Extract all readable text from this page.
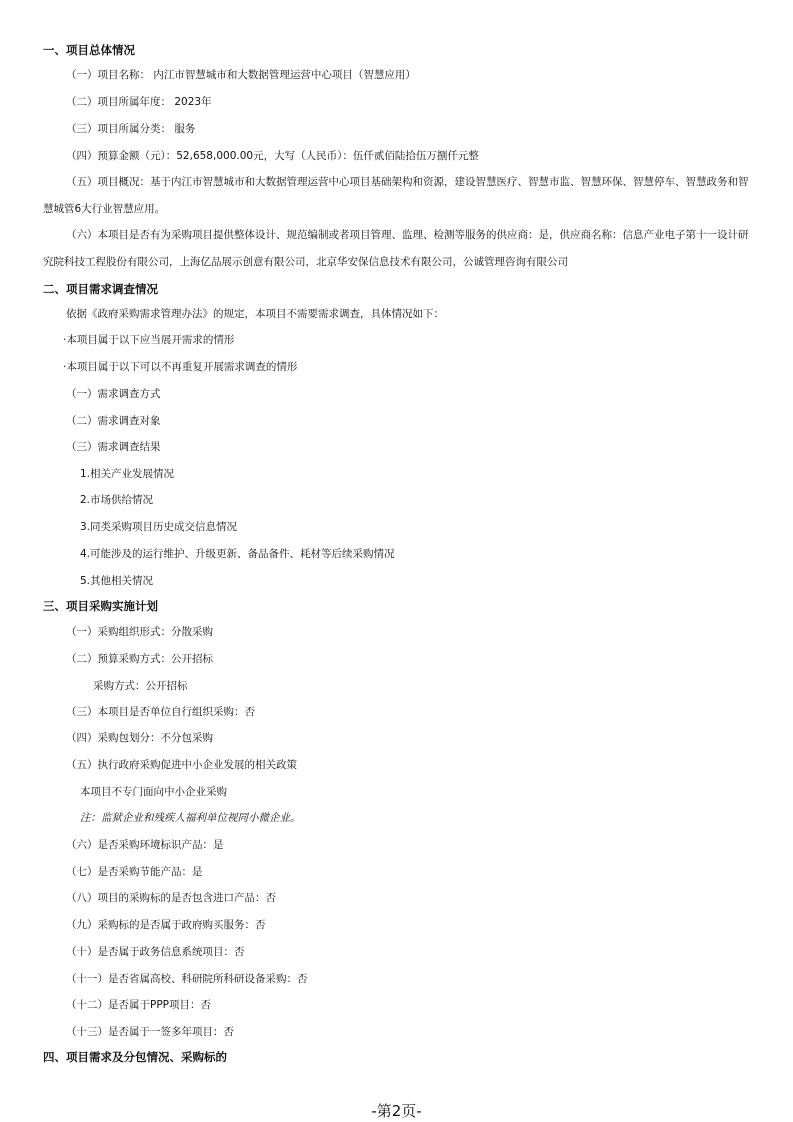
一、项目总体情况
（一）项目名称： 内江市智慧城市和大数据管理运营中心项目（智慧应用）
（二）项目所属年度： 2023年
（三）项目所属分类： 服务
（四）预算金额（元）：52,658,000.00元，大写（人民币）：伍仟贰佰陆拾伍万捌仟元整
（五）项目概况：基于内江市智慧城市和大数据管理运营中心项目基础架构和资源，建设智慧医疗、智慧市监、智慧环保、智慧停车、智慧政务和智慧城管6大行业智慧应用。
（六）本项目是否有为采购项目提供整体设计、规范编制或者项目管理、监理、检测等服务的供应商：是，供应商名称：信息产业电子第十一设计研究院科技工程股份有限公司，上海亿品展示创意有限公司，北京华安保信息技术有限公司，公诚管理咨询有限公司
二、项目需求调查情况
依据《政府采购需求管理办法》的规定，本项目不需要需求调查，具体情况如下：
·本项目属于以下应当展开需求的情形
·本项目属于以下可以不再重复开展需求调查的情形
（一）需求调查方式
（二）需求调查对象
（三）需求调查结果
1.相关产业发展情况
2.市场供给情况
3.同类采购项目历史成交信息情况
4.可能涉及的运行维护、升级更新、备品备件、耗材等后续采购情况
5.其他相关情况
三、项目采购实施计划
（一）采购组织形式：分散采购
（二）预算采购方式：公开招标
采购方式：公开招标
（三）本项目是否单位自行组织采购：否
（四）采购包划分：不分包采购
（五）执行政府采购促进中小企业发展的相关政策
本项目不专门面向中小企业采购
注：监狱企业和残疾人福利单位视同小微企业。
（六）是否采购环境标识产品：是
（七）是否采购节能产品：是
（八）项目的采购标的是否包含进口产品：否
（九）采购标的是否属于政府购买服务：否
（十）是否属于政务信息系统项目：否
（十一）是否省属高校、科研院所科研设备采购：否
（十二）是否属于PPP项目：否
（十三）是否属于一签多年项目：否
四、项目需求及分包情况、采购标的
-第2页-
